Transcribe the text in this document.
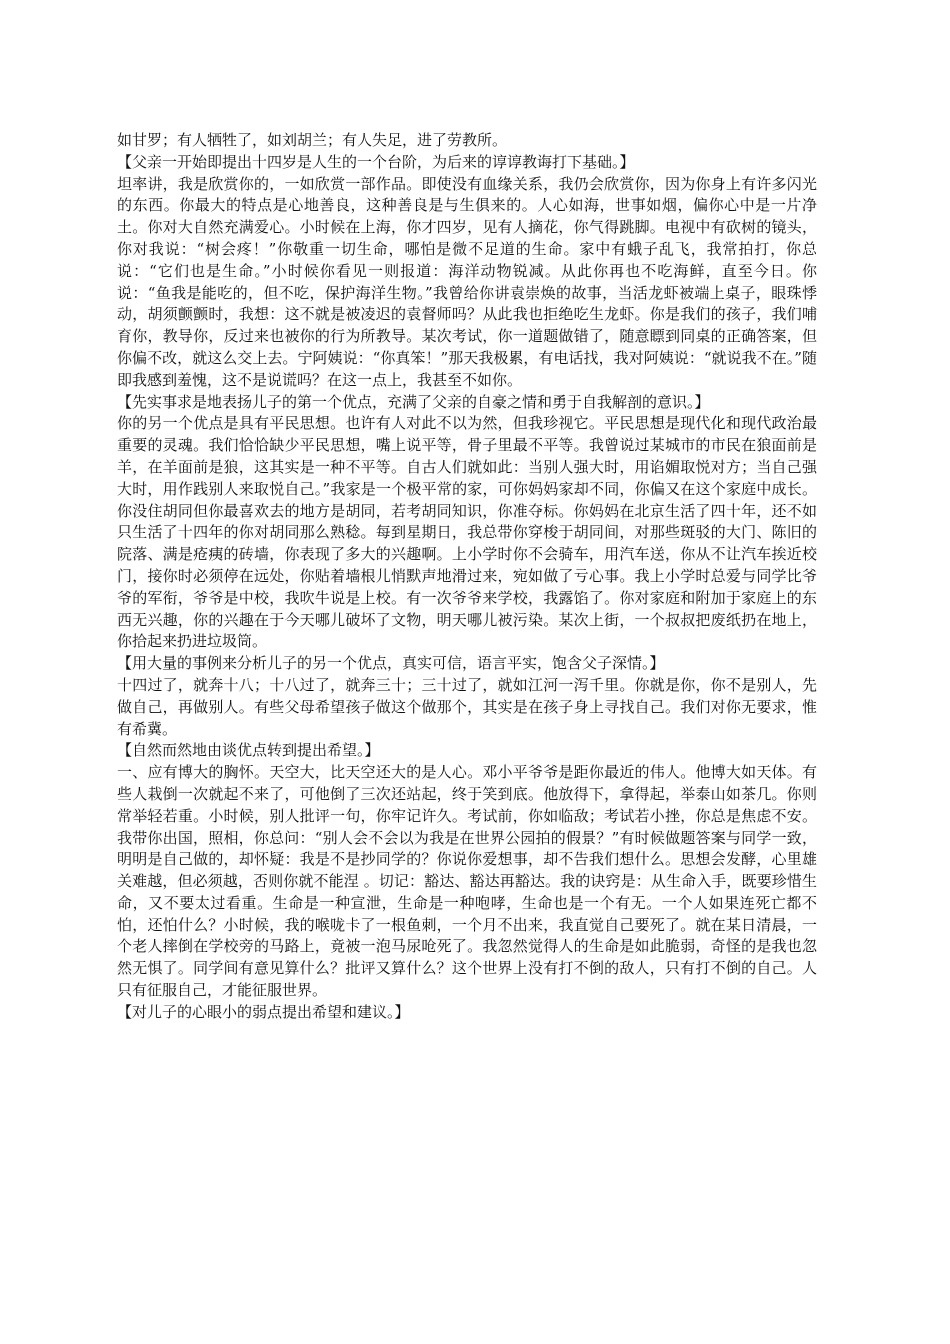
如甘罗；有人牺牲了，如刘胡兰；有人失足，进了劳教所。

【父亲一开始即提出十四岁是人生的一个台阶，为后来的谆谆教诲打下基础。】

坦率讲，我是欣赏你的，一如欣赏一部作品。即使没有血缘关系，我仍会欣赏你，因为你身上有许多闪光的东西。你最大的特点是心地善良，这种善良是与生俱来的。人心如海，世事如烟，偏你心中是一片净土。你对大自然充满爱心。小时候在上海，你才四岁，见有人摘花，你气得跳脚。电视中有砍树的镜头，你对我说：“树会疼！”你敬重一切生命，哪怕是微不足道的生命。家中有蛾子乱飞，我常拍打，你总说：“它们也是生命。”小时候你看见一则报道：海洋动物锐减。从此你再也不吃海鲜，直至今日。你说：“鱼我是能吃的，但不吃，保护海洋生物。”我曾给你讲袁崇焕的故事，当活龙虾被端上桌子，眼珠悸动，胡须颤颤时，我想：这不就是被凌迟的袁督师吗？从此我也拒绝吃生龙虾。你是我们的孩子，我们哺育你，教导你，反过来也被你的行为所教导。某次考试，你一道题做错了，随意瞟到同桌的正确答案，但你偏不改，就这么交上去。宁阿姨说：“你真笨！”那天我极累，有电话找，我对阿姨说：“就说我不在。”随即我感到羞愧，这不是说谎吗？在这一点上，我甚至不如你。

【先实事求是地表扬儿子的第一个优点，充满了父亲的自豪之情和勇于自我解剖的意识。】

你的另一个优点是具有平民思想。也许有人对此不以为然，但我珍视它。平民思想是现代化和现代政治最重要的灵魂。我们恰恰缺少平民思想，嘴上说平等，骨子里最不平等。我曾说过某城市的市民在狼面前是羊，在羊面前是狼，这其实是一种不平等。自古人们就如此：当别人强大时，用谄媚取悦对方；当自己强大时，用作践别人来取悦自己。”我家是一个极平常的家，可你妈妈家却不同，你偏又在这个家庭中成长。你没住胡同但你最喜欢去的地方是胡同，若考胡同知识，你准夺标。你妈妈在北京生活了四十年，还不如只生活了十四年的你对胡同那么熟稔。每到星期日，我总带你穿梭于胡同间，对那些斑驳的大门、陈旧的院落、满是疮痍的砖墙，你表现了多大的兴趣啊。上小学时你不会骑车，用汽车送，你从不让汽车挨近校门，接你时必须停在远处，你贴着墙根儿悄默声地滑过来，宛如做了亏心事。我上小学时总爱与同学比爷爷的军衔，爷爷是中校，我吹牛说是上校。有一次爷爷来学校，我露馅了。你对家庭和附加于家庭上的东西无兴趣，你的兴趣在于今天哪儿破坏了文物，明天哪儿被污染。某次上街，一个叔叔把废纸扔在地上，你拾起来扔进垃圾筒。

【用大量的事例来分析儿子的另一个优点，真实可信，语言平实，饱含父子深情。】

十四过了，就奔十八；十八过了，就奔三十；三十过了，就如江河一泻千里。你就是你，你不是别人，先做自己，再做别人。有些父母希望孩子做这个做那个，其实是在孩子身上寻找自己。我们对你无要求，惟有希冀。

【自然而然地由谈优点转到提出希望。】

一、应有博大的胸怀。天空大，比天空还大的是人心。邓小平爷爷是距你最近的伟人。他博大如天体。有些人栽倒一次就起不来了，可他倒了三次还站起，终于笑到底。他放得下，拿得起，举泰山如茶几。你则常举轻若重。小时候，别人批评一句，你牢记许久。考试前，你如临敌；考试若小挫，你总是焦虑不安。我带你出国，照相，你总问：“别人会不会以为我是在世界公园拍的假景？”有时候做题答案与同学一致，明明是自己做的，却怀疑：我是不是抄同学的？你说你爱想事，却不告我们想什么。思想会发酵，心里雄关难越，但必须越，否则你就不能涅 。切记：豁达、豁达再豁达。我的诀窍是：从生命入手，既要珍惜生命，又不要太过看重。生命是一种宣泄，生命是一种咆哮，生命也是一个有无。一个人如果连死亡都不怕，还怕什么？小时候，我的喉咙卡了一根鱼刺，一个月不出来，我直觉自己要死了。就在某日清晨，一个老人摔倒在学校旁的马路上，竟被一泡马尿呛死了。我忽然觉得人的生命是如此脆弱，奇怪的是我也忽然无惧了。同学间有意见算什么？批评又算什么？这个世界上没有打不倒的敌人，只有打不倒的自己。人只有征服自己，才能征服世界。

【对儿子的心眼小的弱点提出希望和建议。】
